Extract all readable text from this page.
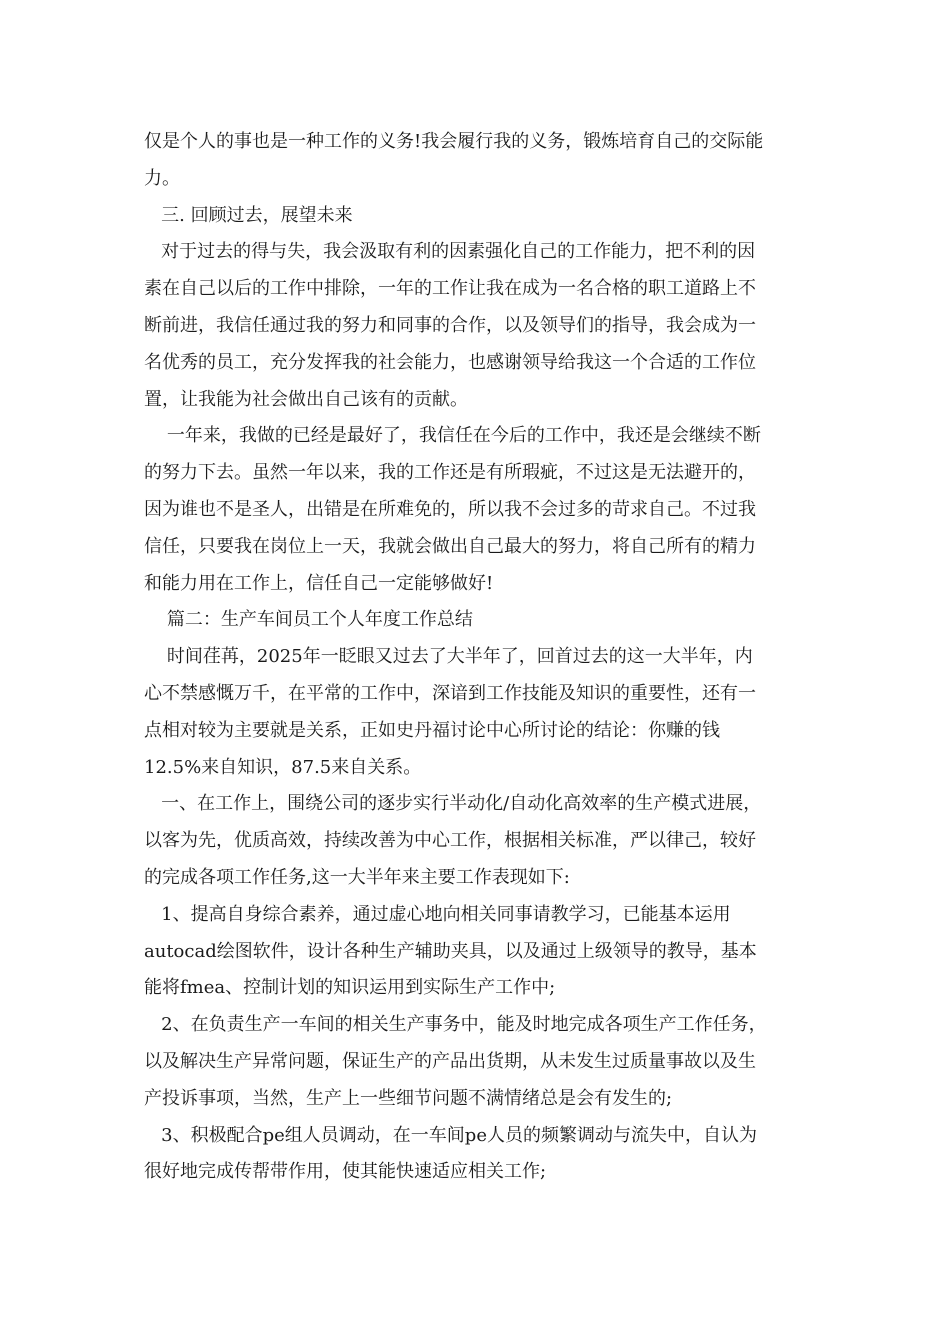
仅是个人的事也是一种工作的义务!我会履行我的义务，锻炼培育自己的交际能
力。
三. 回顾过去，展望未来
对于过去的得与失，我会汲取有利的因素强化自己的工作能力，把不利的因
素在自己以后的工作中排除，一年的工作让我在成为一名合格的职工道路上不
断前进，我信任通过我的努力和同事的合作，以及领导们的指导，我会成为一
名优秀的员工，充分发挥我的社会能力，也感谢领导给我这一个合适的工作位
置，让我能为社会做出自己该有的贡献。
一年来，我做的已经是最好了，我信任在今后的工作中，我还是会继续不断
的努力下去。虽然一年以来，我的工作还是有所瑕疵，不过这是无法避开的，
因为谁也不是圣人，出错是在所难免的，所以我不会过多的苛求自己。不过我
信任，只要我在岗位上一天，我就会做出自己最大的努力，将自己所有的精力
和能力用在工作上，信任自己一定能够做好!
篇二：生产车间员工个人年度工作总结
时间荏苒，2025年一眨眼又过去了大半年了，回首过去的这一大半年，内
心不禁感慨万千，在平常的工作中，深谙到工作技能及知识的重要性，还有一
点相对较为主要就是关系，正如史丹福讨论中心所讨论的结论：你赚的钱
12.5%来自知识，87.5来自关系。
一、在工作上，围绕公司的逐步实行半动化/自动化高效率的生产模式进展，
以客为先，优质高效，持续改善为中心工作，根据相关标准，严以律己，较好
的完成各项工作任务,这一大半年来主要工作表现如下:
1、提高自身综合素养，通过虚心地向相关同事请教学习，已能基本运用
autocad绘图软件，设计各种生产辅助夹具，以及通过上级领导的教导，基本
能将fmea、控制计划的知识运用到实际生产工作中;
2、在负责生产一车间的相关生产事务中，能及时地完成各项生产工作任务，
以及解决生产异常问题，保证生产的产品出货期，从未发生过质量事故以及生
产投诉事项，当然，生产上一些细节问题不满情绪总是会有发生的;
3、积极配合pe组人员调动，在一车间pe人员的频繁调动与流失中，自认为
很好地完成传帮带作用，使其能快速适应相关工作;
